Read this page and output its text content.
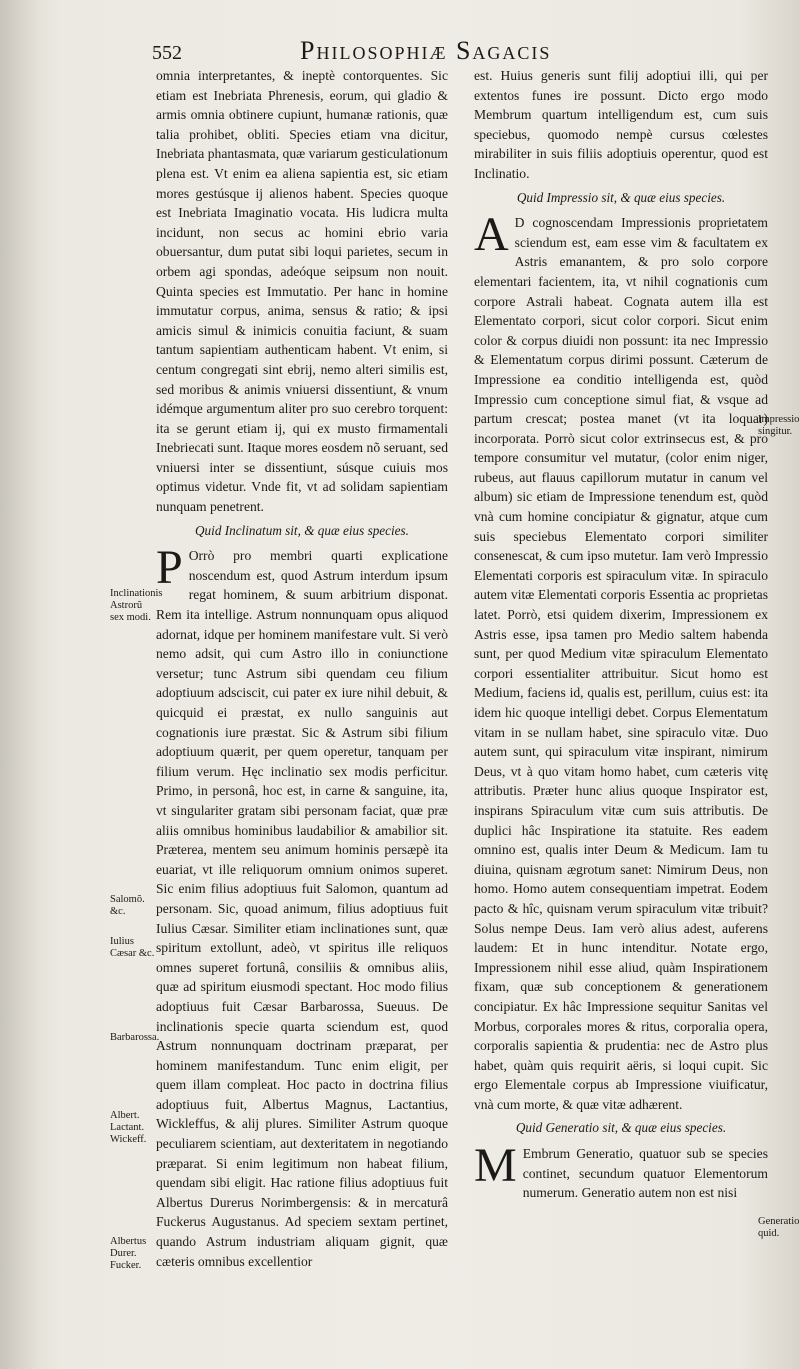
552	Philosophiæ Sagacis

omnia interpretantes, & ineptè contorquentes. Sic etiam est Inebriata Phrenesis, eorum, qui gladio & armis omnia obtinere cupiunt, humanæ rationis, quæ talia prohibet, obliti. Species etiam vna dicitur, Inebriata phantasmata, quæ variarum gesticulationum plena est. Vt enim ea aliena sapientia est, sic etiam mores gestúsque ij alienos habent. Species quoque est Inebriata Imaginatio vocata. His ludicra multa incidunt, non secus ac homini ebrio varia obuersantur, dum putat sibi loqui parietes, secum in orbem agi spondas, adeóque seipsum non nouit. Quinta species est Immutatio. Per hanc in homine immutatur corpus, anima, sensus & ratio; & ipsi amicis simul & inimicis conuitia faciunt, & suam tantum sapientiam authenticam habent. Vt enim, si centum congregati sint ebrij, nemo alteri similis est, sed moribus & animis vniuersi dissentiunt, & vnum idémque argumentum aliter pro suo cerebro torquent: ita se gerunt etiam ij, qui ex musto firmamentali Inebriecati sunt. Itaque mores eosdem nõ seruant, sed vniuersi inter se dissentiunt, súsque cuiuis mos optimus videtur. Vnde fit, vt ad solidam sapientiam nunquam penetrent.

Quid Inclinatum sit, & quæ eius species.

P Orrò pro membri quarti explicatione noscendum est, quod Astrum interdum ipsum regat hominem, & suum arbitrium disponat. Rem ita intellige. Astrum nonnunquam opus aliquod adornat, idque per hominem manifestare vult. Si verò nemo adsit, qui cum Astro illo in coniunctione versetur; tunc Astrum sibi quendam ceu filium adoptiuum adsciscit, cui pater ex iure nihil debuit, & quicquid ei præstat, ex nullo sanguinis aut cognationis iure præstat. Sic & Astrum sibi filium adoptiuum quærit, per quem operetur, tanquam per filium verum. Hęc inclinatio sex modis perficitur. Primo, in personâ, hoc est, in carne & sanguine, ita, vt singulariter gratam sibi personam faciat, quæ præ aliis omnibus hominibus laudabilior & amabilior sit. Præterea, mentem seu animum hominis persæpè ita euariat, vt ille reliquorum omnium onimos superet. Sic enim filius adoptiuus fuit Salomon, quantum ad personam. Sic, quoad animum, filius adoptiuus fuit Iulius Cæsar. Similiter etiam inclinationes sunt, quæ spiritum extollunt, adeò, vt spiritus ille reliquos omnes superet fortunâ, consiliis & omnibus aliis, quæ ad spiritum eiusmodi spectant. Hoc modo filius adoptiuus fuit Cæsar Barbarossa, Sueuus. De inclinationis specie quarta sciendum est, quod Astrum nonnunquam doctrinam præparat, per hominem manifestandum. Tunc enim eligit, per quem illam compleat. Hoc pacto in doctrina filius adoptiuus fuit, Albertus Magnus, Lactantius, Wickleffus, & alij plures. Similiter Astrum quoque peculiarem scientiam, aut dexteritatem in negotiando præparat. Si enim legitimum non habeat filium, quendam sibi eligit. Hac ratione filius adoptiuus fuit Albertus Durerus Norimbergensis: & in mercaturâ Fuckerus Augustanus. Ad speciem sextam pertinet, quando Astrum industriam aliquam gignit, quæ cæteris omnibus excellentior

est. Huius generis sunt filij adoptiui illi, qui per extentos funes ire possunt. Dicto ergo modo Membrum quartum intelligendum est, cum suis speciebus, quomodo nempè cursus cœlestes mirabiliter in suis filiis adoptiuis operentur, quod est Inclinatio.

Quid Impressio sit, & quæ eius species.

A D cognoscendam Impressionis proprietatem sciendum est, eam esse vim & facultatem ex Astris emanantem, & pro solo corpore elementari facientem, ita, vt nihil cognationis cum corpore Astrali habeat. Cognata autem illa est Elementato corpori, sicut color corpori. Sicut enim color & corpus diuidi non possunt: ita nec Impressio & Elementatum corpus dirimi possunt. Cæterum de Impressione ea conditio intelligenda est, quòd Impressio cum conceptione simul fiat, & vsque ad partum crescat; postea manet (vt ita loquar) incorporata. Porrò sicut color extrinsecus est, & pro tempore consumitur vel mutatur, (color enim niger, rubeus, aut flauus capillorum mutatur in canum vel album) sic etiam de Impressione tenendum est, quòd vnà cum homine concipiatur & gignatur, atque cum suis speciebus Elementato corpori similiter consenescat, & cum ipso mutetur. Iam verò Impressio Elementati corporis est spiraculum vitæ. In spiraculo autem vitæ Elementati corporis Essentia ac proprietas latet. Porrò, etsi quidem dixerim, Impressionem ex Astris esse, ipsa tamen pro Medio saltem habenda sunt, per quod Medium vitæ spiraculum Elementato corpori essentialiter attribuitur. Sicut homo est Medium, faciens id, qualis est, perillum, cuius est: ita idem hic quoque intelligi debet. Corpus Elementatum vitam in se nullam habet, sine spiraculo vitæ. Duo autem sunt, qui spiraculum vitæ inspirant, nimirum Deus, vt à quo vitam homo habet, cum cæteris vitę attributis. Præter hunc alius quoque Inspirator est, inspirans Spiraculum vitæ cum suis attributis. De duplici hâc Inspiratione ita statuite. Res eadem omnino est, qualis inter Deum & Medicum. Iam tu diuina, quisnam ægrotum sanet: Nimirum Deus, non homo. Homo autem consequentiam impetrat. Eodem pacto & hîc, quisnam verum spiraculum vitæ tribuit? Solus nempe Deus. Iam verò alius adest, auferens laudem: Et in hunc intenditur. Notate ergo, Impressionem nihil esse aliud, quàm Inspirationem fixam, quæ sub conceptionem & generationem concipiatur. Ex hâc Impressione sequitur Sanitas vel Morbus, corporales mores & ritus, corporalia opera, corporalis sapientia & prudentia: nec de Astro plus habet, quàm quis requirit aëris, si loqui cupit. Sic ergo Elementale corpus ab Impressione viuificatur, vnà cum morte, & quæ vitæ adhærent.

Quid Generatio sit, & quæ eius species.

M Embrum Generatio, quatuor sub se species continet, secundum quatuor Elementorum numerum. Generatio autem non est nisi

Inclinationis Astrorũ sex modi.
Salomõ. &c.
Iulius Cæsar &c.
Barbarossa.
Albert. Lactant. Wickeff.
Albertus Durer. Fucker.
Impressio singitur.
Generatio quid.
